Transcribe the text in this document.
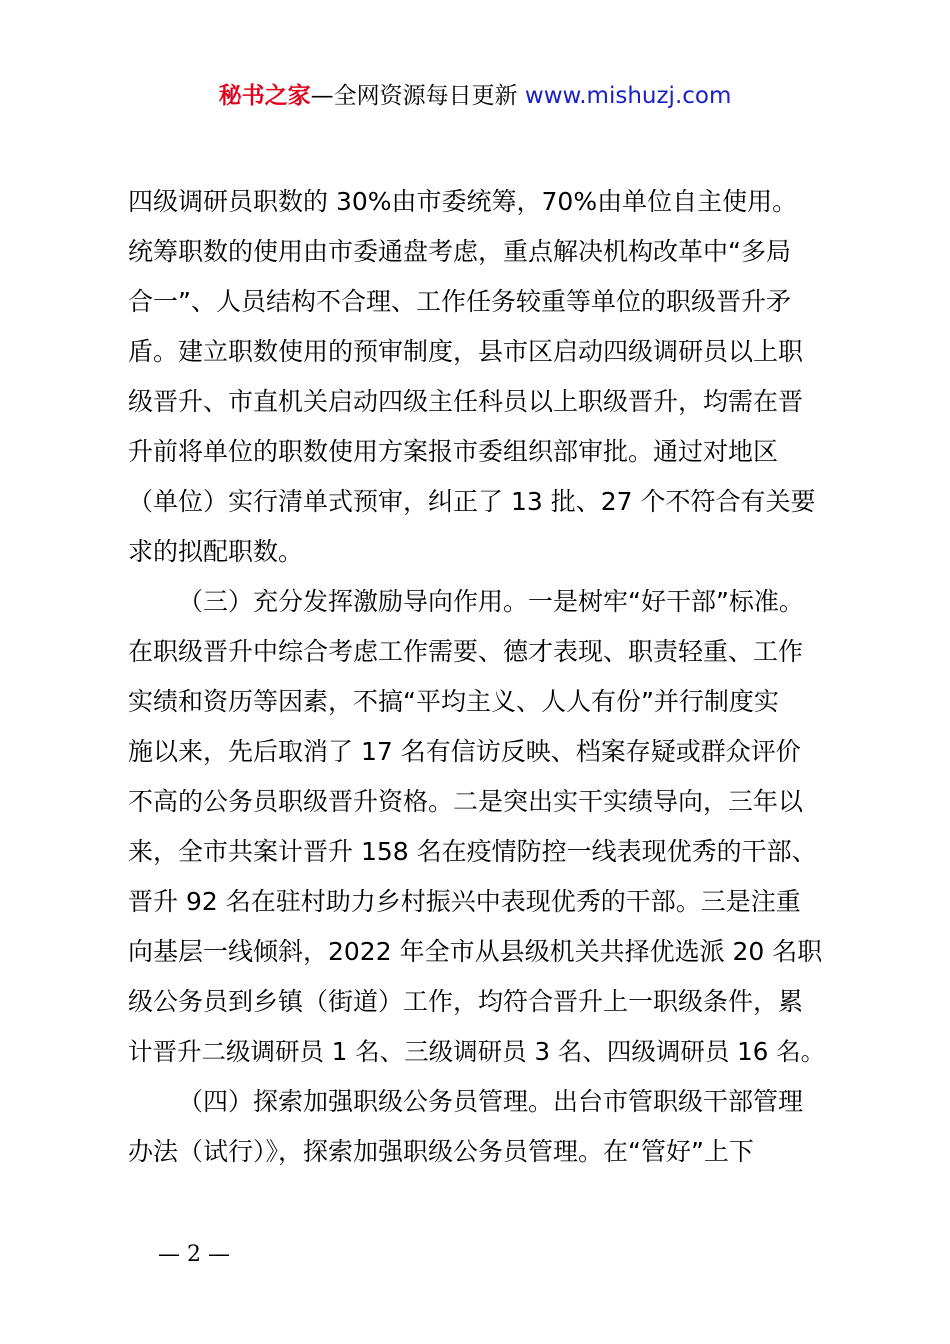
秘书之家—全网资源每日更新 www.mishuzj.com
四级调研员职数的 30%由市委统筹，70%由单位自主使用。
统筹职数的使用由市委通盘考虑，重点解决机构改革中“多局
合一”、人员结构不合理、工作任务较重等单位的职级晋升矛
盾。建立职数使用的预审制度，县市区启动四级调研员以上职
级晋升、市直机关启动四级主任科员以上职级晋升，均需在晋
升前将单位的职数使用方案报市委组织部审批。通过对地区
（单位）实行清单式预审，纠正了 13 批、27 个不符合有关要
求的拟配职数。
（三）充分发挥激励导向作用。一是树牢“好干部”标准。
在职级晋升中综合考虑工作需要、德才表现、职责轻重、工作
实绩和资历等因素，不搞“平均主义、人人有份”并行制度实
施以来，先后取消了 17 名有信访反映、档案存疑或群众评价
不高的公务员职级晋升资格。二是突出实干实绩导向，三年以
来，全市共案计晋升 158 名在疫情防控一线表现优秀的干部、
晋升 92 名在驻村助力乡村振兴中表现优秀的干部。三是注重
向基层一线倾斜，2022 年全市从县级机关共择优选派 20 名职
级公务员到乡镇（街道）工作，均符合晋升上一职级条件，累
计晋升二级调研员 1 名、三级调研员 3 名、四级调研员 16 名。
（四）探索加强职级公务员管理。出台市管职级干部管理
办法（试行）》，探索加强职级公务员管理。在“管好”上下
— 2 —
